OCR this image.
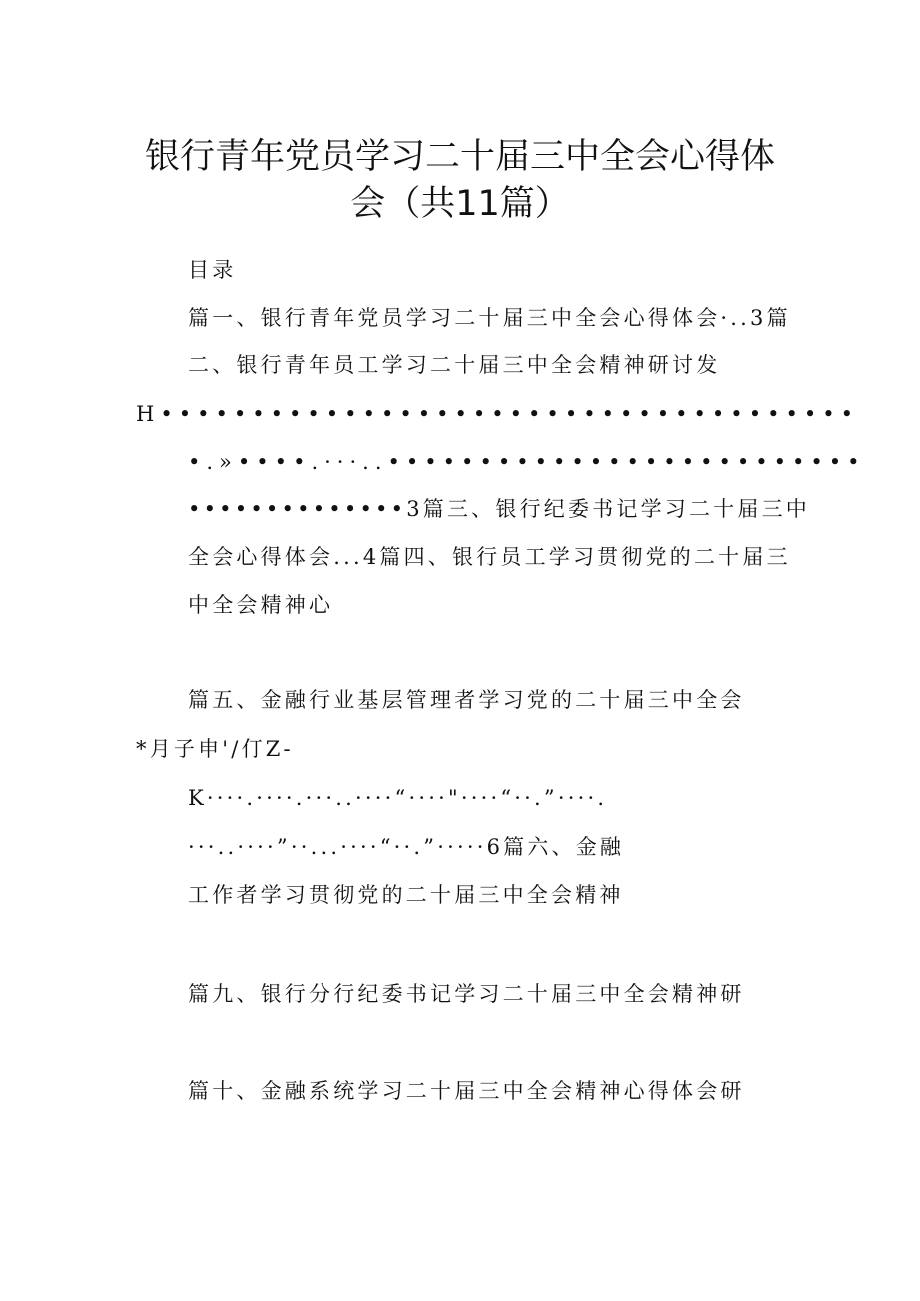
银行青年党员学习二十届三中全会心得体
会（共11篇）
目录
篇一、银行青年党员学习二十届三中全会心得体会·..3篇
二、银行青年员工学习二十届三中全会精神研讨发
H••••••••••••••••••••••••••••••••••••••
•.»••••.···..••••••••••••••••••••••••••
••••••••••••••3篇三、银行纪委书记学习二十届三中
全会心得体会...4篇四、银行员工学习贯彻党的二十届三
中全会精神心
篇五、金融行业基层管理者学习党的二十届三中全会
*月子申'/仃Z-
K····.····.···..····“····"····“··.”····.
···..····”··...····“··.”·····6篇六、金融
工作者学习贯彻党的二十届三中全会精神
篇九、银行分行纪委书记学习二十届三中全会精神研
篇十、金融系统学习二十届三中全会精神心得体会研
